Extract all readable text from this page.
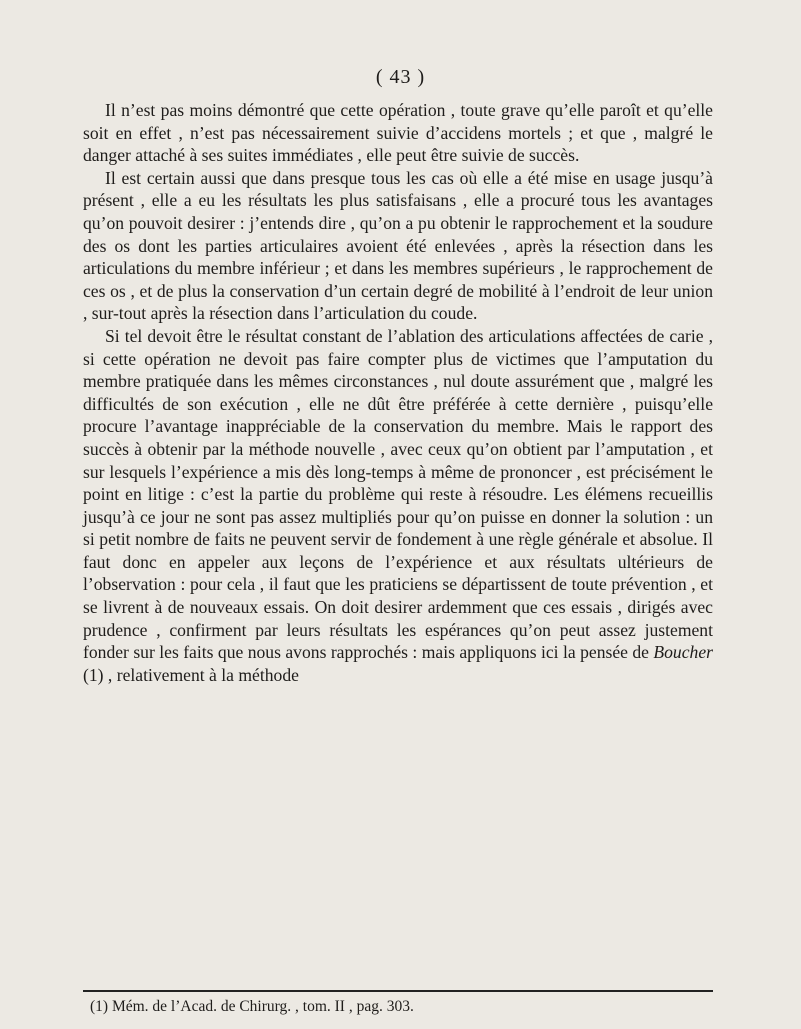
( 43 )

Il n’est pas moins démontré que cette opération , toute grave qu’elle paroît et qu’elle soit en effet , n’est pas nécessairement suivie d’accidens mortels ; et que , malgré le danger attaché à ses suites immédiates , elle peut être suivie de succès.

Il est certain aussi que dans presque tous les cas où elle a été mise en usage jusqu’à présent , elle a eu les résultats les plus satisfaisans , elle a procuré tous les avantages qu’on pouvoit desirer : j’entends dire , qu’on a pu obtenir le rapprochement et la soudure des os dont les parties articulaires avoient été enlevées , après la résection dans les articulations du membre inférieur ; et dans les membres supérieurs , le rapprochement de ces os , et de plus la conservation d’un certain degré de mobilité à l’endroit de leur union , sur-tout après la résection dans l’articulation du coude.

Si tel devoit être le résultat constant de l’ablation des articulations affectées de carie , si cette opération ne devoit pas faire compter plus de victimes que l’amputation du membre pratiquée dans les mêmes circonstances , nul doute assurément que , malgré les difficultés de son exécution , elle ne dût être préférée à cette dernière , puisqu’elle procure l’avantage inappréciable de la conservation du membre. Mais le rapport des succès à obtenir par la méthode nouvelle , avec ceux qu’on obtient par l’amputation , et sur lesquels l’expérience a mis dès long-temps à même de prononcer , est précisément le point en litige : c’est la partie du problème qui reste à résoudre. Les élémens recueillis jusqu’à ce jour ne sont pas assez multipliés pour qu’on puisse en donner la solution : un si petit nombre de faits ne peuvent servir de fondement à une règle générale et absolue. Il faut donc en appeler aux leçons de l’expérience et aux résultats ultérieurs de l’observation : pour cela , il faut que les praticiens se départissent de toute prévention , et se livrent à de nouveaux essais. On doit desirer ardemment que ces essais , dirigés avec prudence , confirment par leurs résultats les espérances qu’on peut assez justement fonder sur les faits que nous avons rapprochés : mais appliquons ici la pensée de Boucher (1) , relativement à la méthode

(1) Mém. de l’Acad. de Chirurg. , tom. II , pag. 303.
